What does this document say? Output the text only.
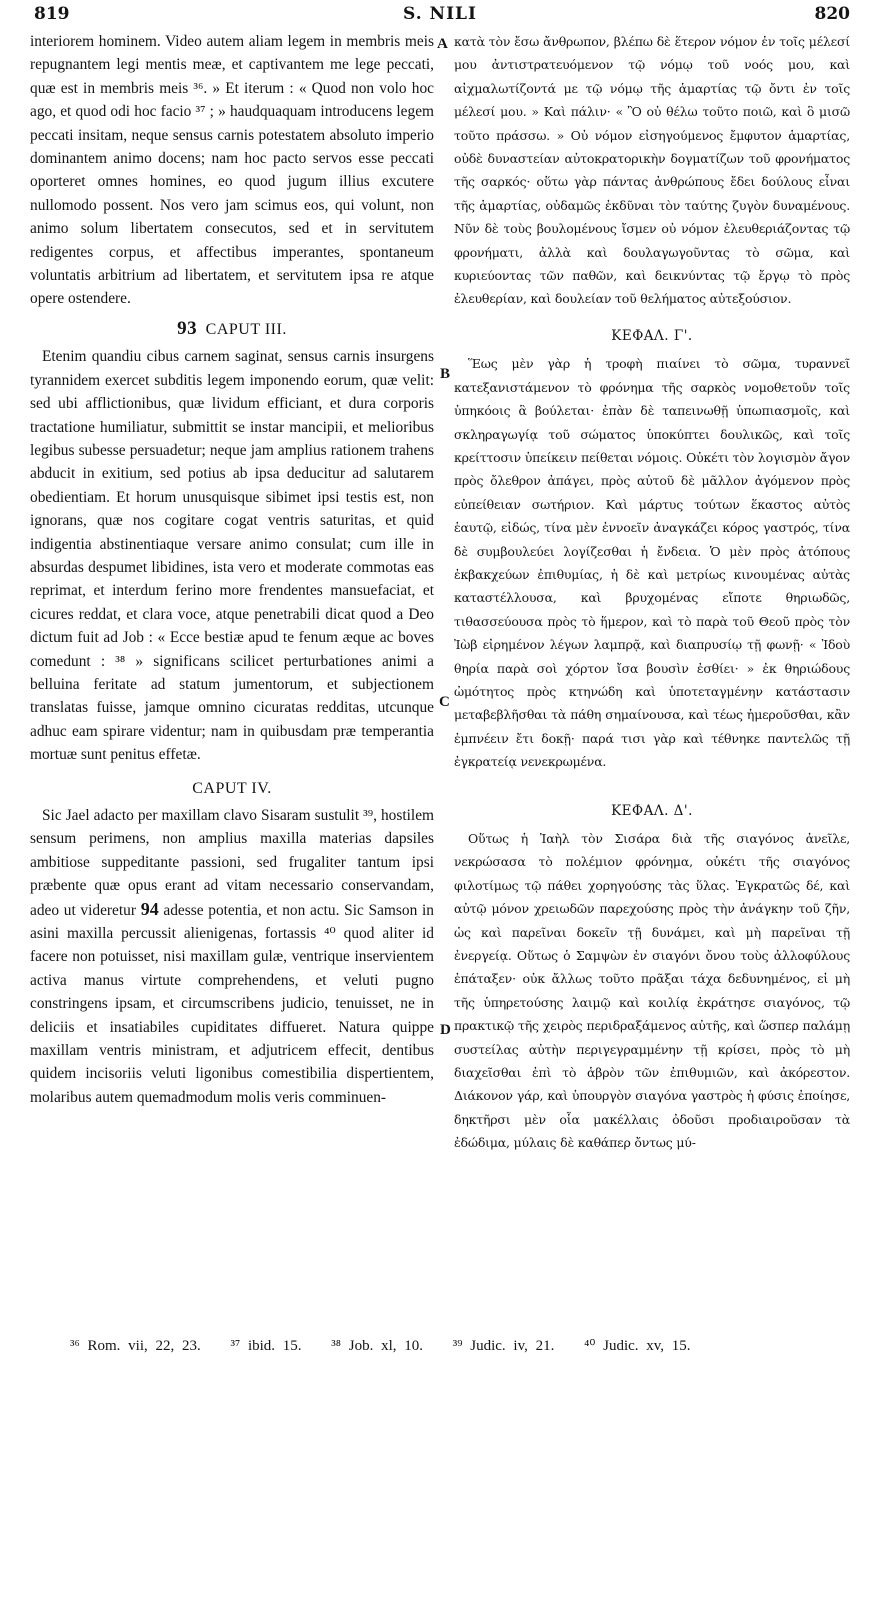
819	S. NILI	820
A
B
C
D

interiorem hominem. Video autem aliam legem in membris meis repugnantem legi mentis meæ, et captivantem me lege peccati, quæ est in membris meis ³⁶. » Et iterum : « Quod non volo hoc ago, et quod odi hoc facio ³⁷ ; » haudquaquam introducens legem peccati insitam, neque sensus carnis potestatem absoluto imperio dominantem animo docens; nam hoc pacto servos esse peccati oporteret omnes homines, eo quod jugum illius excutere nullomodo possent. Nos vero jam scimus eos, qui volunt, non animo solum libertatem consecutos, sed et in servitutem redigentes corpus, et affectibus imperantes, spontaneum voluntatis arbitrium ad libertatem, et servitutem ipsa re atque opere ostendere.

93 CAPUT III.

Etenim quandiu cibus carnem saginat, sensus carnis insurgens tyrannidem exercet subditis legem imponendo eorum, quæ velit: sed ubi afflictionibus, quæ lividum efficiant, et dura corporis tractatione humiliatur, submittit se instar mancipii, et melioribus legibus subesse persuadetur; neque jam amplius rationem trahens abducit in exitium, sed potius ab ipsa deducitur ad salutarem obedientiam. Et horum unusquisque sibimet ipsi testis est, non ignorans, quæ nos cogitare cogat ventris saturitas, et quid indigentia abstinentiaque versare animo consulat; cum ille in absurdas despumet libidines, ista vero et moderate commotas eas reprimat, et interdum ferino more frendentes mansuefaciat, et cicures reddat, et clara voce, atque penetrabili dicat quod a Deo dictum fuit ad Job : « Ecce bestiæ apud te fenum æque ac boves comedunt : ³⁸ » significans scilicet perturbationes animi a belluina feritate ad statum jumentorum, et subjectionem translatas fuisse, jamque omnino cicuratas redditas, utcunque adhuc eam spirare videntur; nam in quibusdam præ temperantia mortuæ sunt penitus effetæ.

CAPUT IV.

Sic Jael adacto per maxillam clavo Sisaram sustulit ³⁹, hostilem sensum perimens, non amplius maxilla materias dapsiles ambitiose suppeditante passioni, sed frugaliter tantum ipsi præbente quæ opus erant ad vitam necessario conservandam, adeo ut videretur 94 adesse potentia, et non actu. Sic Samson in asini maxilla percussit alienigenas, fortassis ⁴⁰ quod aliter id facere non potuisset, nisi maxillam gulæ, ventrique inservientem activa manus virtute comprehendens, et veluti pugno constringens ipsam, et circumscribens judicio, tenuisset, ne in deliciis et insatiabiles cupiditates diffueret. Natura quippe maxillam ventris ministram, et adjutricem effecit, dentibus quidem incisoriis veluti ligonibus comestibilia dispertientem, molaribus autem quemadmodum molis veris comminuen-

κατὰ τὸν ἔσω ἄνθρωπον, βλέπω δὲ ἕτερον νόμον ἐν τοῖς μέλεσί μου ἀντιστρατευόμενον τῷ νόμῳ τοῦ νοός μου, καὶ αἰχμαλωτίζοντά με τῷ νόμῳ τῆς ἁμαρτίας τῷ ὄντι ἐν τοῖς μέλεσί μου. » Καὶ πάλιν· « Ὃ οὐ θέλω τοῦτο ποιῶ, καὶ ὃ μισῶ τοῦτο πράσσω. » Οὐ νόμον εἰσηγούμενος ἔμφυτον ἁμαρτίας, οὐδὲ δυναστείαν αὐτοκρατορικὴν δογματίζων τοῦ φρονήματος τῆς σαρκός· οὕτω γὰρ πάντας ἀνθρώπους ἔδει δούλους εἶναι τῆς ἁμαρτίας, οὐδαμῶς ἐκδῦναι τὸν ταύτης ζυγὸν δυναμένους. Νῦν δὲ τοὺς βουλομένους ἴσμεν οὐ νόμον ἐλευθεριάζοντας τῷ φρονήματι, ἀλλὰ καὶ δουλαγωγοῦντας τὸ σῶμα, καὶ κυριεύοντας τῶν παθῶν, καὶ δεικνύντας τῷ ἔργῳ τὸ πρὸς ἐλευθερίαν, καὶ δουλείαν τοῦ θελήματος αὐτεξούσιον.

ΚΕΦΑΛ. Γ'.

Ἕως μὲν γὰρ ἡ τροφὴ πιαίνει τὸ σῶμα, τυραννεῖ κατεξανιστάμενον τὸ φρόνημα τῆς σαρκὸς νομοθετοῦν τοῖς ὑπηκόοις ἃ βούλεται· ἐπὰν δὲ ταπεινωθῇ ὑπωπιασμοῖς, καὶ σκληραγωγίᾳ τοῦ σώματος ὑποκύπτει δουλικῶς, καὶ τοῖς κρείττοσιν ὑπείκειν πείθεται νόμοις. Οὐκέτι τὸν λογισμὸν ἄγον πρὸς ὄλεθρον ἀπάγει, πρὸς αὐτοῦ δὲ μᾶλλον ἀγόμενον πρὸς εὐπείθειαν σωτήριον. Καὶ μάρτυς τούτων ἕκαστος αὐτὸς ἑαυτῷ, εἰδώς, τίνα μὲν ἐννοεῖν ἀναγκάζει κόρος γαστρός, τίνα δὲ συμβουλεύει λογίζεσθαι ἡ ἔνδεια. Ὁ μὲν πρὸς ἀτόπους ἐκβακχεύων ἐπιθυμίας, ἡ δὲ καὶ μετρίως κινουμένας αὐτὰς καταστέλλουσα, καὶ βρυχομένας εἴποτε θηριωδῶς, τιθασσεύουσα πρὸς τὸ ἥμερον, καὶ τὸ παρὰ τοῦ Θεοῦ πρὸς τὸν Ἰὼβ εἰρημένον λέγων λαμπρᾷ, καὶ διαπρυσίῳ τῇ φωνῇ· « Ἰδοὺ θηρία παρὰ σοὶ χόρτον ἴσα βουσὶν ἐσθίει· » ἐκ θηριώδους ὠμότητος πρὸς κτηνώδη καὶ ὑποτεταγμένην κατάστασιν μεταβεβλῆσθαι τὰ πάθη σημαίνουσα, καὶ τέως ἡμεροῦσθαι, κἂν ἐμπνέειν ἔτι δοκῇ· παρά τισι γὰρ καὶ τέθνηκε παντελῶς τῇ ἐγκρατείᾳ νενεκρωμένα.

ΚΕΦΑΛ. Δ'.

Οὕτως ἡ Ἰαὴλ τὸν Σισάρα διὰ τῆς σιαγόνος ἀνεῖλε, νεκρώσασα τὸ πολέμιον φρόνημα, οὐκέτι τῆς σιαγόνος φιλοτίμως τῷ πάθει χορηγούσης τὰς ὕλας. Ἐγκρατῶς δέ, καὶ αὐτῷ μόνον χρειωδῶν παρεχούσης πρὸς τὴν ἀνάγκην τοῦ ζῆν, ὡς καὶ παρεῖναι δοκεῖν τῇ δυνάμει, καὶ μὴ παρεῖναι τῇ ἐνεργείᾳ. Οὕτως ὁ Σαμψὼν ἐν σιαγόνι ὄνου τοὺς ἀλλοφύλους ἐπάταξεν· οὐκ ἄλλως τοῦτο πρᾶξαι τάχα δεδυνημένος, εἰ μὴ τῆς ὑπηρετούσης λαιμῷ καὶ κοιλίᾳ ἐκράτησε σιαγόνος, τῷ πρακτικῷ τῆς χειρὸς περιδραξάμενος αὐτῆς, καὶ ὥσπερ παλάμῃ συστείλας αὐτὴν περιγεγραμμένην τῇ κρίσει, πρὸς τὸ μὴ διαχεῖσθαι ἐπὶ τὸ ἁβρὸν τῶν ἐπιθυμιῶν, καὶ ἀκόρεστον. Διάκονον γάρ, καὶ ὑπουργὸν σιαγόνα γαστρὸς ἡ φύσις ἐποίησε, δηκτῆρσι μὲν οἷα μακέλλαις ὀδοῦσι προδιαιροῦσαν τὰ ἐδώδιμα, μύλαις δὲ καθάπερ ὄντως μύ-

³⁶ Rom. vii, 22, 23. ³⁷ ibid. 15. ³⁸ Job. xl, 10. ³⁹ Judic. iv, 21. ⁴⁰ Judic. xv, 15.
